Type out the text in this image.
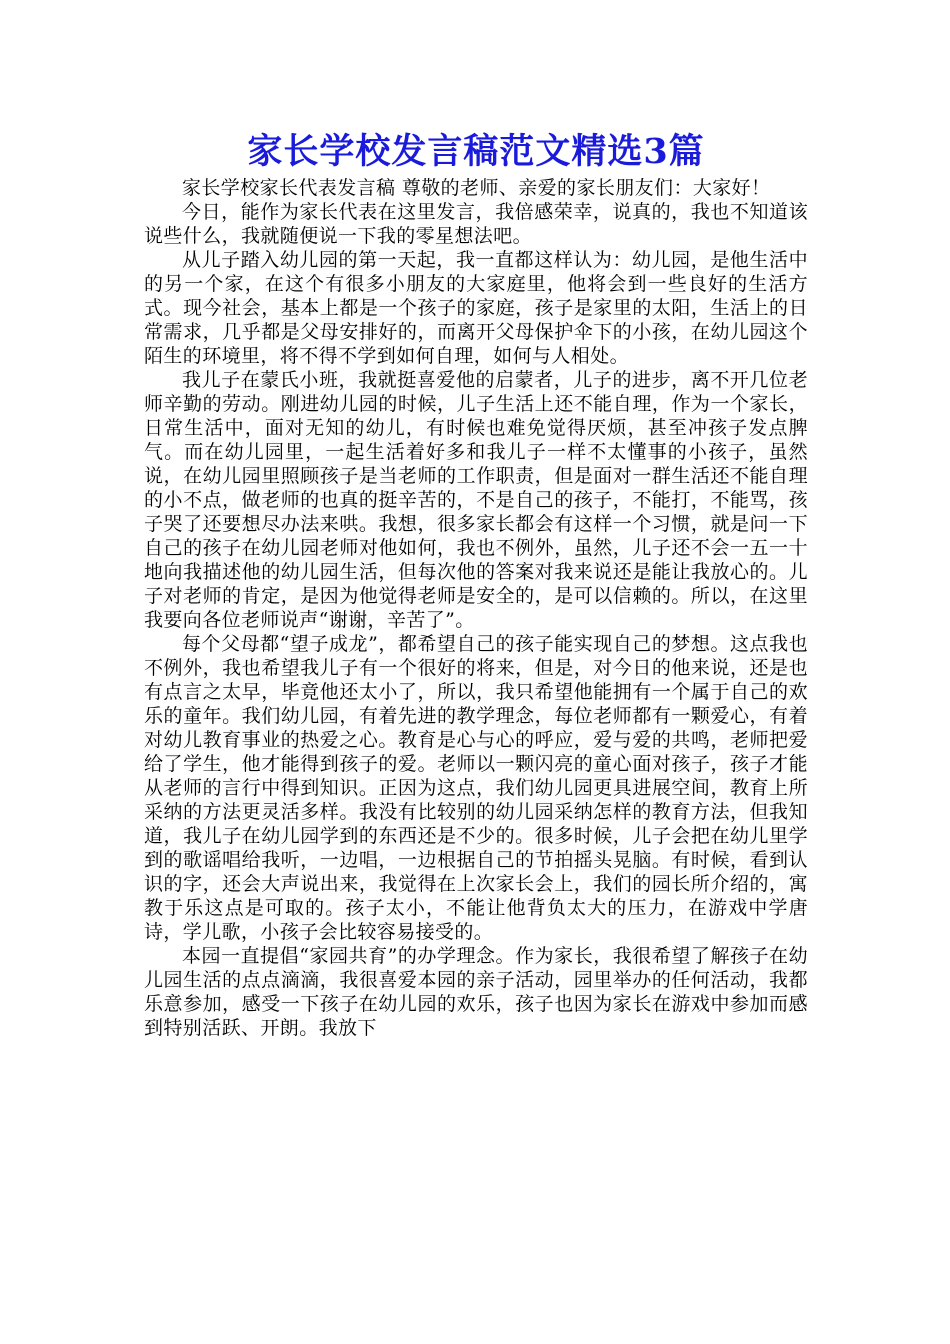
家长学校发言稿范文精选3篇

家长学校家长代表发言稿 尊敬的老师、亲爱的家长朋友们：大家好！

今日，能作为家长代表在这里发言，我倍感荣幸，说真的，我也不知道该说些什么，我就随便说一下我的零星想法吧。

从儿子踏入幼儿园的第一天起，我一直都这样认为：幼儿园，是他生活中的另一个家，在这个有很多小朋友的大家庭里，他将会到一些良好的生活方式。现今社会，基本上都是一个孩子的家庭，孩子是家里的太阳，生活上的日常需求，几乎都是父母安排好的，而离开父母保护伞下的小孩，在幼儿园这个陌生的环境里，将不得不学到如何自理，如何与人相处。

我儿子在蒙氏小班，我就挺喜爱他的启蒙者，儿子的进步，离不开几位老师辛勤的劳动。刚进幼儿园的时候，儿子生活上还不能自理，作为一个家长，日常生活中，面对无知的幼儿，有时候也难免觉得厌烦，甚至冲孩子发点脾气。而在幼儿园里，一起生活着好多和我儿子一样不太懂事的小孩子，虽然说，在幼儿园里照顾孩子是当老师的工作职责，但是面对一群生活还不能自理的小不点，做老师的也真的挺辛苦的，不是自己的孩子，不能打，不能骂，孩子哭了还要想尽办法来哄。我想，很多家长都会有这样一个习惯，就是问一下自己的孩子在幼儿园老师对他如何，我也不例外，虽然，儿子还不会一五一十地向我描述他的幼儿园生活，但每次他的答案对我来说还是能让我放心的。儿子对老师的肯定，是因为他觉得老师是安全的，是可以信赖的。所以，在这里我要向各位老师说声“谢谢，辛苦了”。

每个父母都“望子成龙”，都希望自己的孩子能实现自己的梦想。这点我也不例外，我也希望我儿子有一个很好的将来，但是，对今日的他来说，还是也有点言之太早，毕竟他还太小了，所以，我只希望他能拥有一个属于自己的欢乐的童年。我们幼儿园，有着先进的教学理念，每位老师都有一颗爱心，有着对幼儿教育事业的热爱之心。教育是心与心的呼应，爱与爱的共鸣，老师把爱给了学生，他才能得到孩子的爱。老师以一颗闪亮的童心面对孩子，孩子才能从老师的言行中得到知识。正因为这点，我们幼儿园更具进展空间，教育上所采纳的方法更灵活多样。我没有比较别的幼儿园采纳怎样的教育方法，但我知道，我儿子在幼儿园学到的东西还是不少的。很多时候，儿子会把在幼儿里学到的歌谣唱给我听，一边唱，一边根据自己的节拍摇头晃脑。有时候，看到认识的字，还会大声说出来，我觉得在上次家长会上，我们的园长所介绍的，寓教于乐这点是可取的。孩子太小，不能让他背负太大的压力，在游戏中学唐诗，学儿歌，小孩子会比较容易接受的。

本园一直提倡“家园共育”的办学理念。作为家长，我很希望了解孩子在幼儿园生活的点点滴滴，我很喜爱本园的亲子活动，园里举办的任何活动，我都乐意参加，感受一下孩子在幼儿园的欢乐，孩子也因为家长在游戏中参加而感到特别活跃、开朗。我放下
